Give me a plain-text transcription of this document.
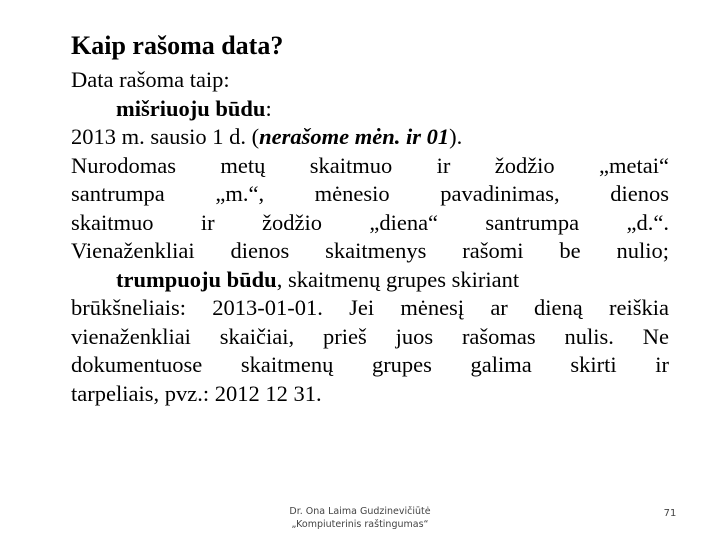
Kaip rašoma data?

Data rašoma taip:

mišriuoju būdu:

2013 m. sausio 1 d. (nerašome mėn. ir 01).

Nurodomas metų skaitmuo ir žodžio „metai“

santrumpa „m.“, mėnesio pavadinimas, dienos

skaitmuo ir žodžio „diena“ santrumpa „d.“.

Vienaženkliai dienos skaitmenys rašomi be nulio;

trumpuoju būdu, skaitmenų grupes skiriant

brūkšneliais: 2013-01-01. Jei mėnesį ar dieną reiškia

vienaženkliai skaičiai, prieš juos rašomas nulis. Ne

dokumentuose skaitmenų grupes galima skirti ir

tarpeliais, pvz.: 2012 12 31.

Dr. Ona Laima Gudzinevičiūtė
„Kompiuterinis raštingumas“
71
